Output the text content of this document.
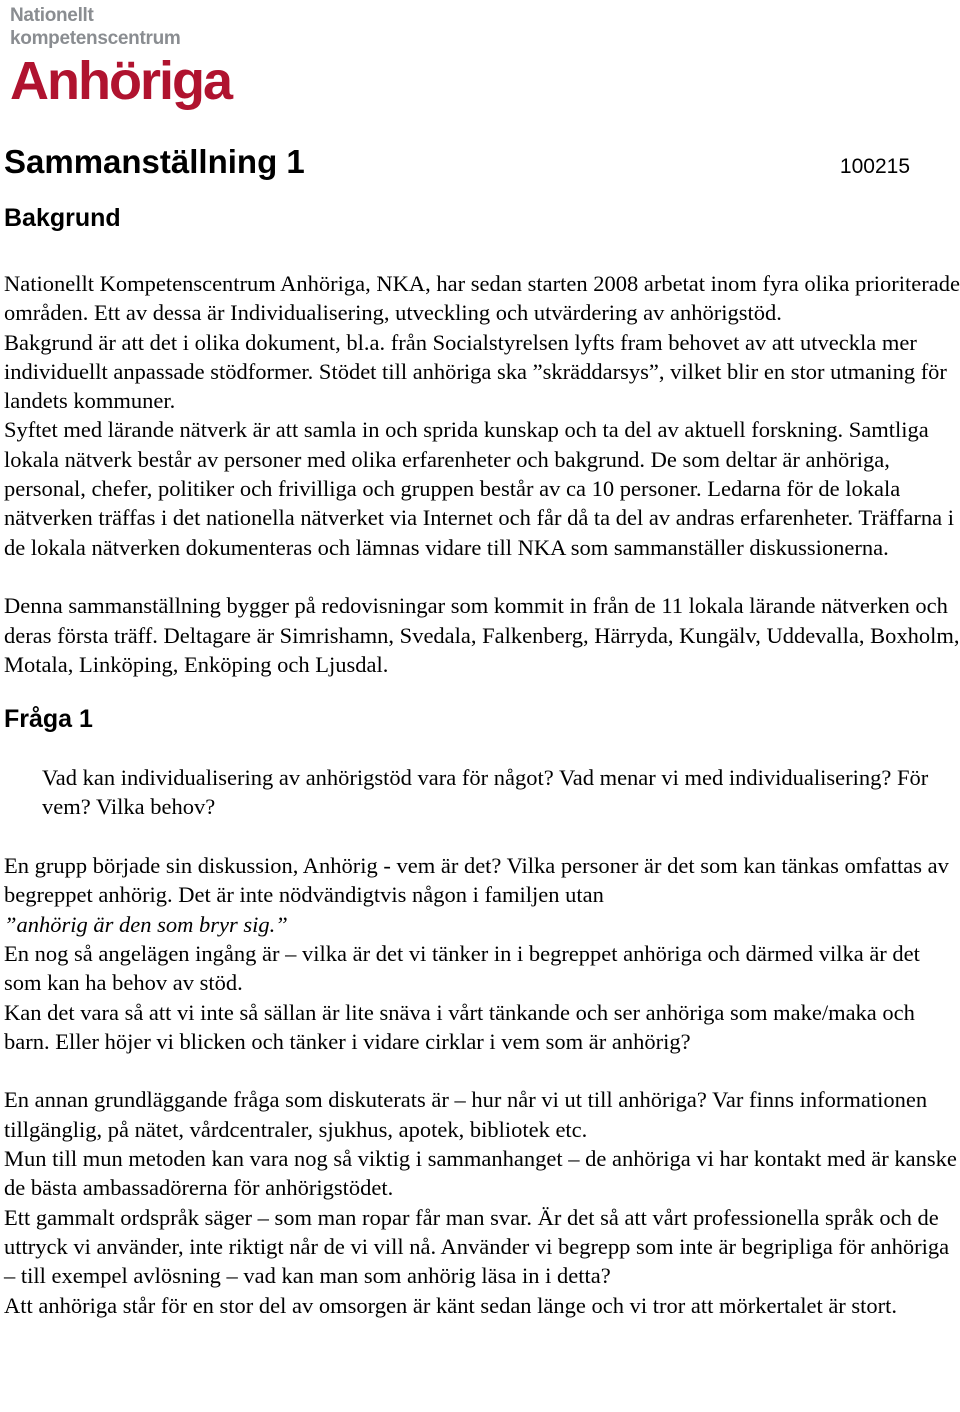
Nationellt
kompetenscentrum
Anhöriga
Sammanställning 1	100215
Bakgrund

Nationellt Kompetenscentrum Anhöriga, NKA, har sedan starten 2008 arbetat inom fyra olika prioriterade områden. Ett av dessa är Individualisering, utveckling och utvärdering av anhörigstöd.

Bakgrund är att det i olika dokument, bl.a. från Socialstyrelsen lyfts fram behovet av att utveckla mer individuellt anpassade stödformer. Stödet till anhöriga ska ”skräddarsys”, vilket blir en stor utmaning för landets kommuner.

Syftet med lärande nätverk är att samla in och sprida kunskap och ta del av aktuell forskning. Samtliga lokala nätverk består av personer med olika erfarenheter och bakgrund. De som deltar är anhöriga, personal, chefer, politiker och frivilliga och gruppen består av ca 10 personer. Ledarna för de lokala nätverken träffas i det nationella nätverket via Internet och får då ta del av andras erfarenheter. Träffarna i de lokala nätverken dokumenteras och lämnas vidare till NKA som sammanställer diskussionerna.

Denna sammanställning bygger på redovisningar som kommit in från de 11 lokala lärande nätverken och deras första träff. Deltagare är Simrishamn, Svedala, Falkenberg, Härryda, Kungälv, Uddevalla, Boxholm, Motala, Linköping, Enköping och Ljusdal.

Fråga 1

Vad kan individualisering av anhörigstöd vara för något? Vad menar vi med individualisering? För vem? Vilka behov?

En grupp började sin diskussion, Anhörig - vem är det? Vilka personer är det som kan tänkas omfattas av begreppet anhörig. Det är inte nödvändigtvis någon i familjen utan

”anhörig är den som bryr sig.”

En nog så angelägen ingång är – vilka är det vi tänker in i begreppet anhöriga och därmed vilka är det som kan ha behov av stöd.

Kan det vara så att vi inte så sällan är lite snäva i vårt tänkande och ser anhöriga som make/maka och barn. Eller höjer vi blicken och tänker i vidare cirklar i vem som är anhörig?

En annan grundläggande fråga som diskuterats är – hur når vi ut till anhöriga? Var finns informationen tillgänglig, på nätet, vårdcentraler, sjukhus, apotek, bibliotek etc.

Mun till mun metoden kan vara nog så viktig i sammanhanget – de anhöriga vi har kontakt med är kanske de bästa ambassadörerna för anhörigstödet.

Ett gammalt ordspråk säger – som man ropar får man svar. Är det så att vårt professionella språk och de uttryck vi använder, inte riktigt når de vi vill nå. Använder vi begrepp som inte är begripliga för anhöriga – till exempel avlösning – vad kan man som anhörig läsa in i detta?

Att anhöriga står för en stor del av omsorgen är känt sedan länge och vi tror att mörkertalet är stort.
